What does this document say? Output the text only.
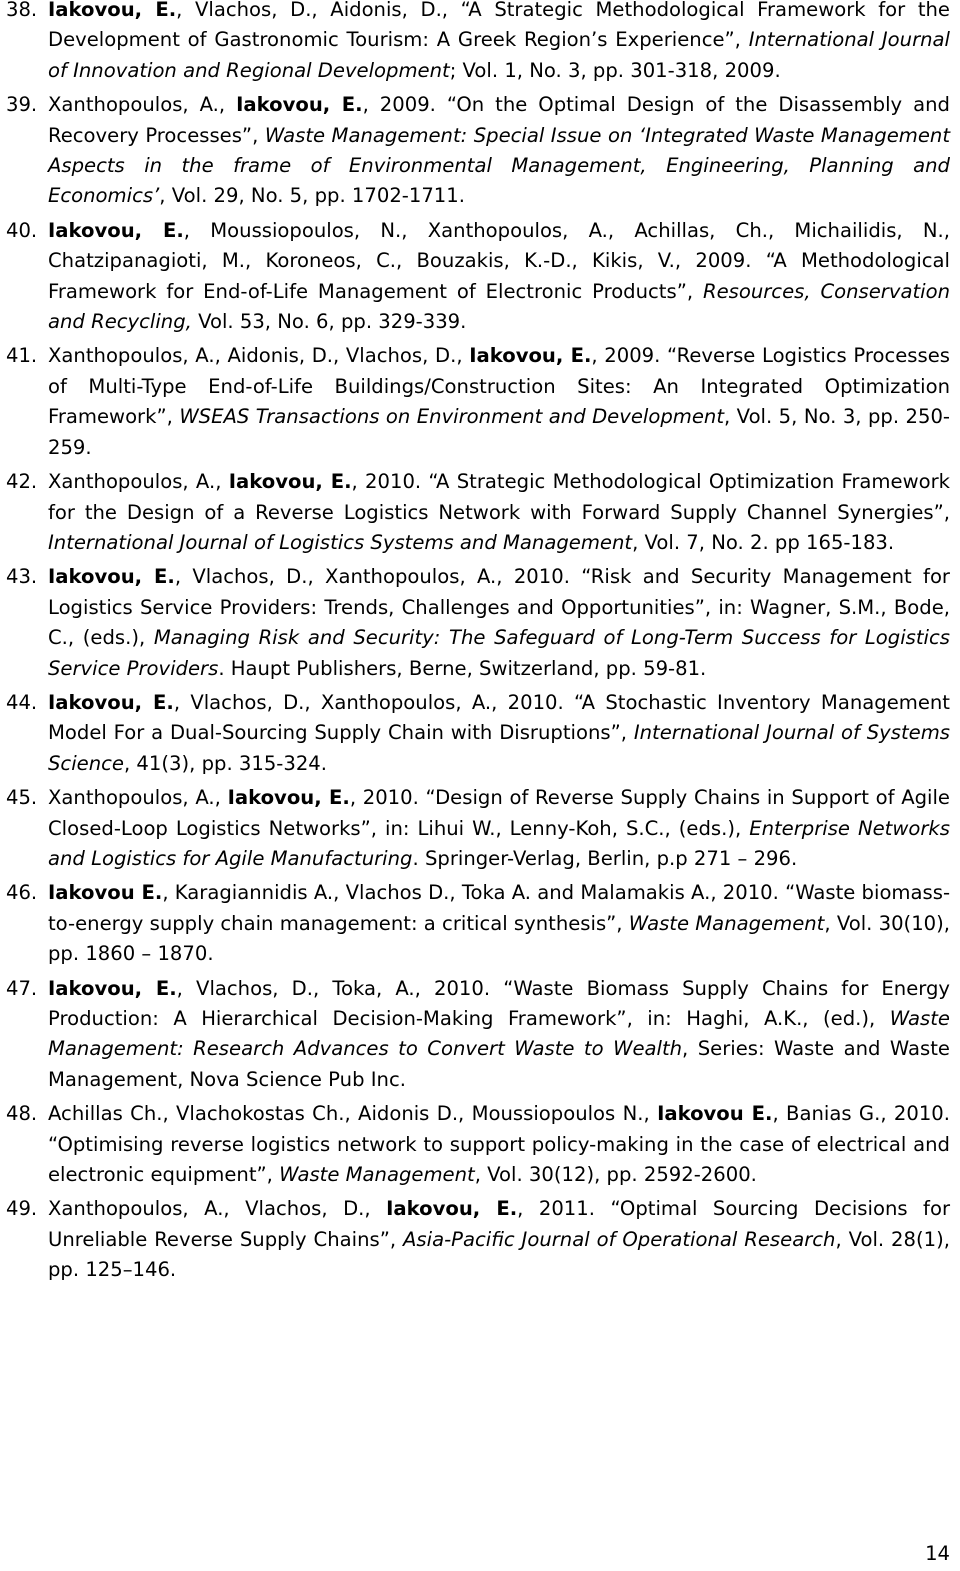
38. Iakovou, E., Vlachos, D., Aidonis, D., “A Strategic Methodological Framework for the Development of Gastronomic Tourism: A Greek Region’s Experience”, International Journal of Innovation and Regional Development; Vol. 1, No. 3, pp. 301-318, 2009.
39. Xanthopoulos, A., Iakovou, E., 2009. “On the Optimal Design of the Disassembly and Recovery Processes”, Waste Management: Special Issue on ‘Integrated Waste Management Aspects in the frame of Environmental Management, Engineering, Planning and Economics’, Vol. 29, No. 5, pp. 1702-1711.
40. Iakovou, E., Moussiopoulos, N., Xanthopoulos, A., Achillas, Ch., Michailidis, N., Chatzipanagioti, M., Koroneos, C., Bouzakis, K.-D., Kikis, V., 2009. “A Methodological Framework for End-of-Life Management of Electronic Products”, Resources, Conservation and Recycling, Vol. 53, No. 6, pp. 329-339.
41. Xanthopoulos, A., Aidonis, D., Vlachos, D., Iakovou, E., 2009. “Reverse Logistics Processes of Multi-Type End-of-Life Buildings/Construction Sites: An Integrated Optimization Framework”, WSEAS Transactions on Environment and Development, Vol. 5, No. 3, pp. 250-259.
42. Xanthopoulos, A., Iakovou, E., 2010. “A Strategic Methodological Optimization Framework for the Design of a Reverse Logistics Network with Forward Supply Channel Synergies”, International Journal of Logistics Systems and Management, Vol. 7, No. 2. pp 165-183.
43. Iakovou, E., Vlachos, D., Xanthopoulos, A., 2010. “Risk and Security Management for Logistics Service Providers: Trends, Challenges and Opportunities”, in: Wagner, S.M., Bode, C., (eds.), Managing Risk and Security: The Safeguard of Long-Term Success for Logistics Service Providers. Haupt Publishers, Berne, Switzerland, pp. 59-81.
44. Iakovou, E., Vlachos, D., Xanthopoulos, A., 2010. “A Stochastic Inventory Management Model For a Dual-Sourcing Supply Chain with Disruptions”, International Journal of Systems Science, 41(3), pp. 315-324.
45. Xanthopoulos, A., Iakovou, E., 2010. “Design of Reverse Supply Chains in Support of Agile Closed-Loop Logistics Networks”, in: Lihui W., Lenny-Koh, S.C., (eds.), Enterprise Networks and Logistics for Agile Manufacturing. Springer-Verlag, Berlin, p.p 271 – 296.
46. Iakovou E., Karagiannidis A., Vlachos D., Toka A. and Malamakis A., 2010. “Waste biomass-to-energy supply chain management: a critical synthesis”, Waste Management, Vol. 30(10), pp. 1860 – 1870.
47. Iakovou, E., Vlachos, D., Toka, A., 2010. “Waste Biomass Supply Chains for Energy Production: A Hierarchical Decision-Making Framework”, in: Haghi, A.K., (ed.), Waste Management: Research Advances to Convert Waste to Wealth, Series: Waste and Waste Management, Nova Science Pub Inc.
48. Achillas Ch., Vlachokostas Ch., Aidonis D., Moussiopoulos N., Iakovou E., Banias G., 2010. “Optimising reverse logistics network to support policy-making in the case of electrical and electronic equipment”, Waste Management, Vol. 30(12), pp. 2592-2600.
49. Xanthopoulos, A., Vlachos, D., Iakovou, E., 2011. “Optimal Sourcing Decisions for Unreliable Reverse Supply Chains”, Asia-Pacific Journal of Operational Research, Vol. 28(1), pp. 125–146.
14
